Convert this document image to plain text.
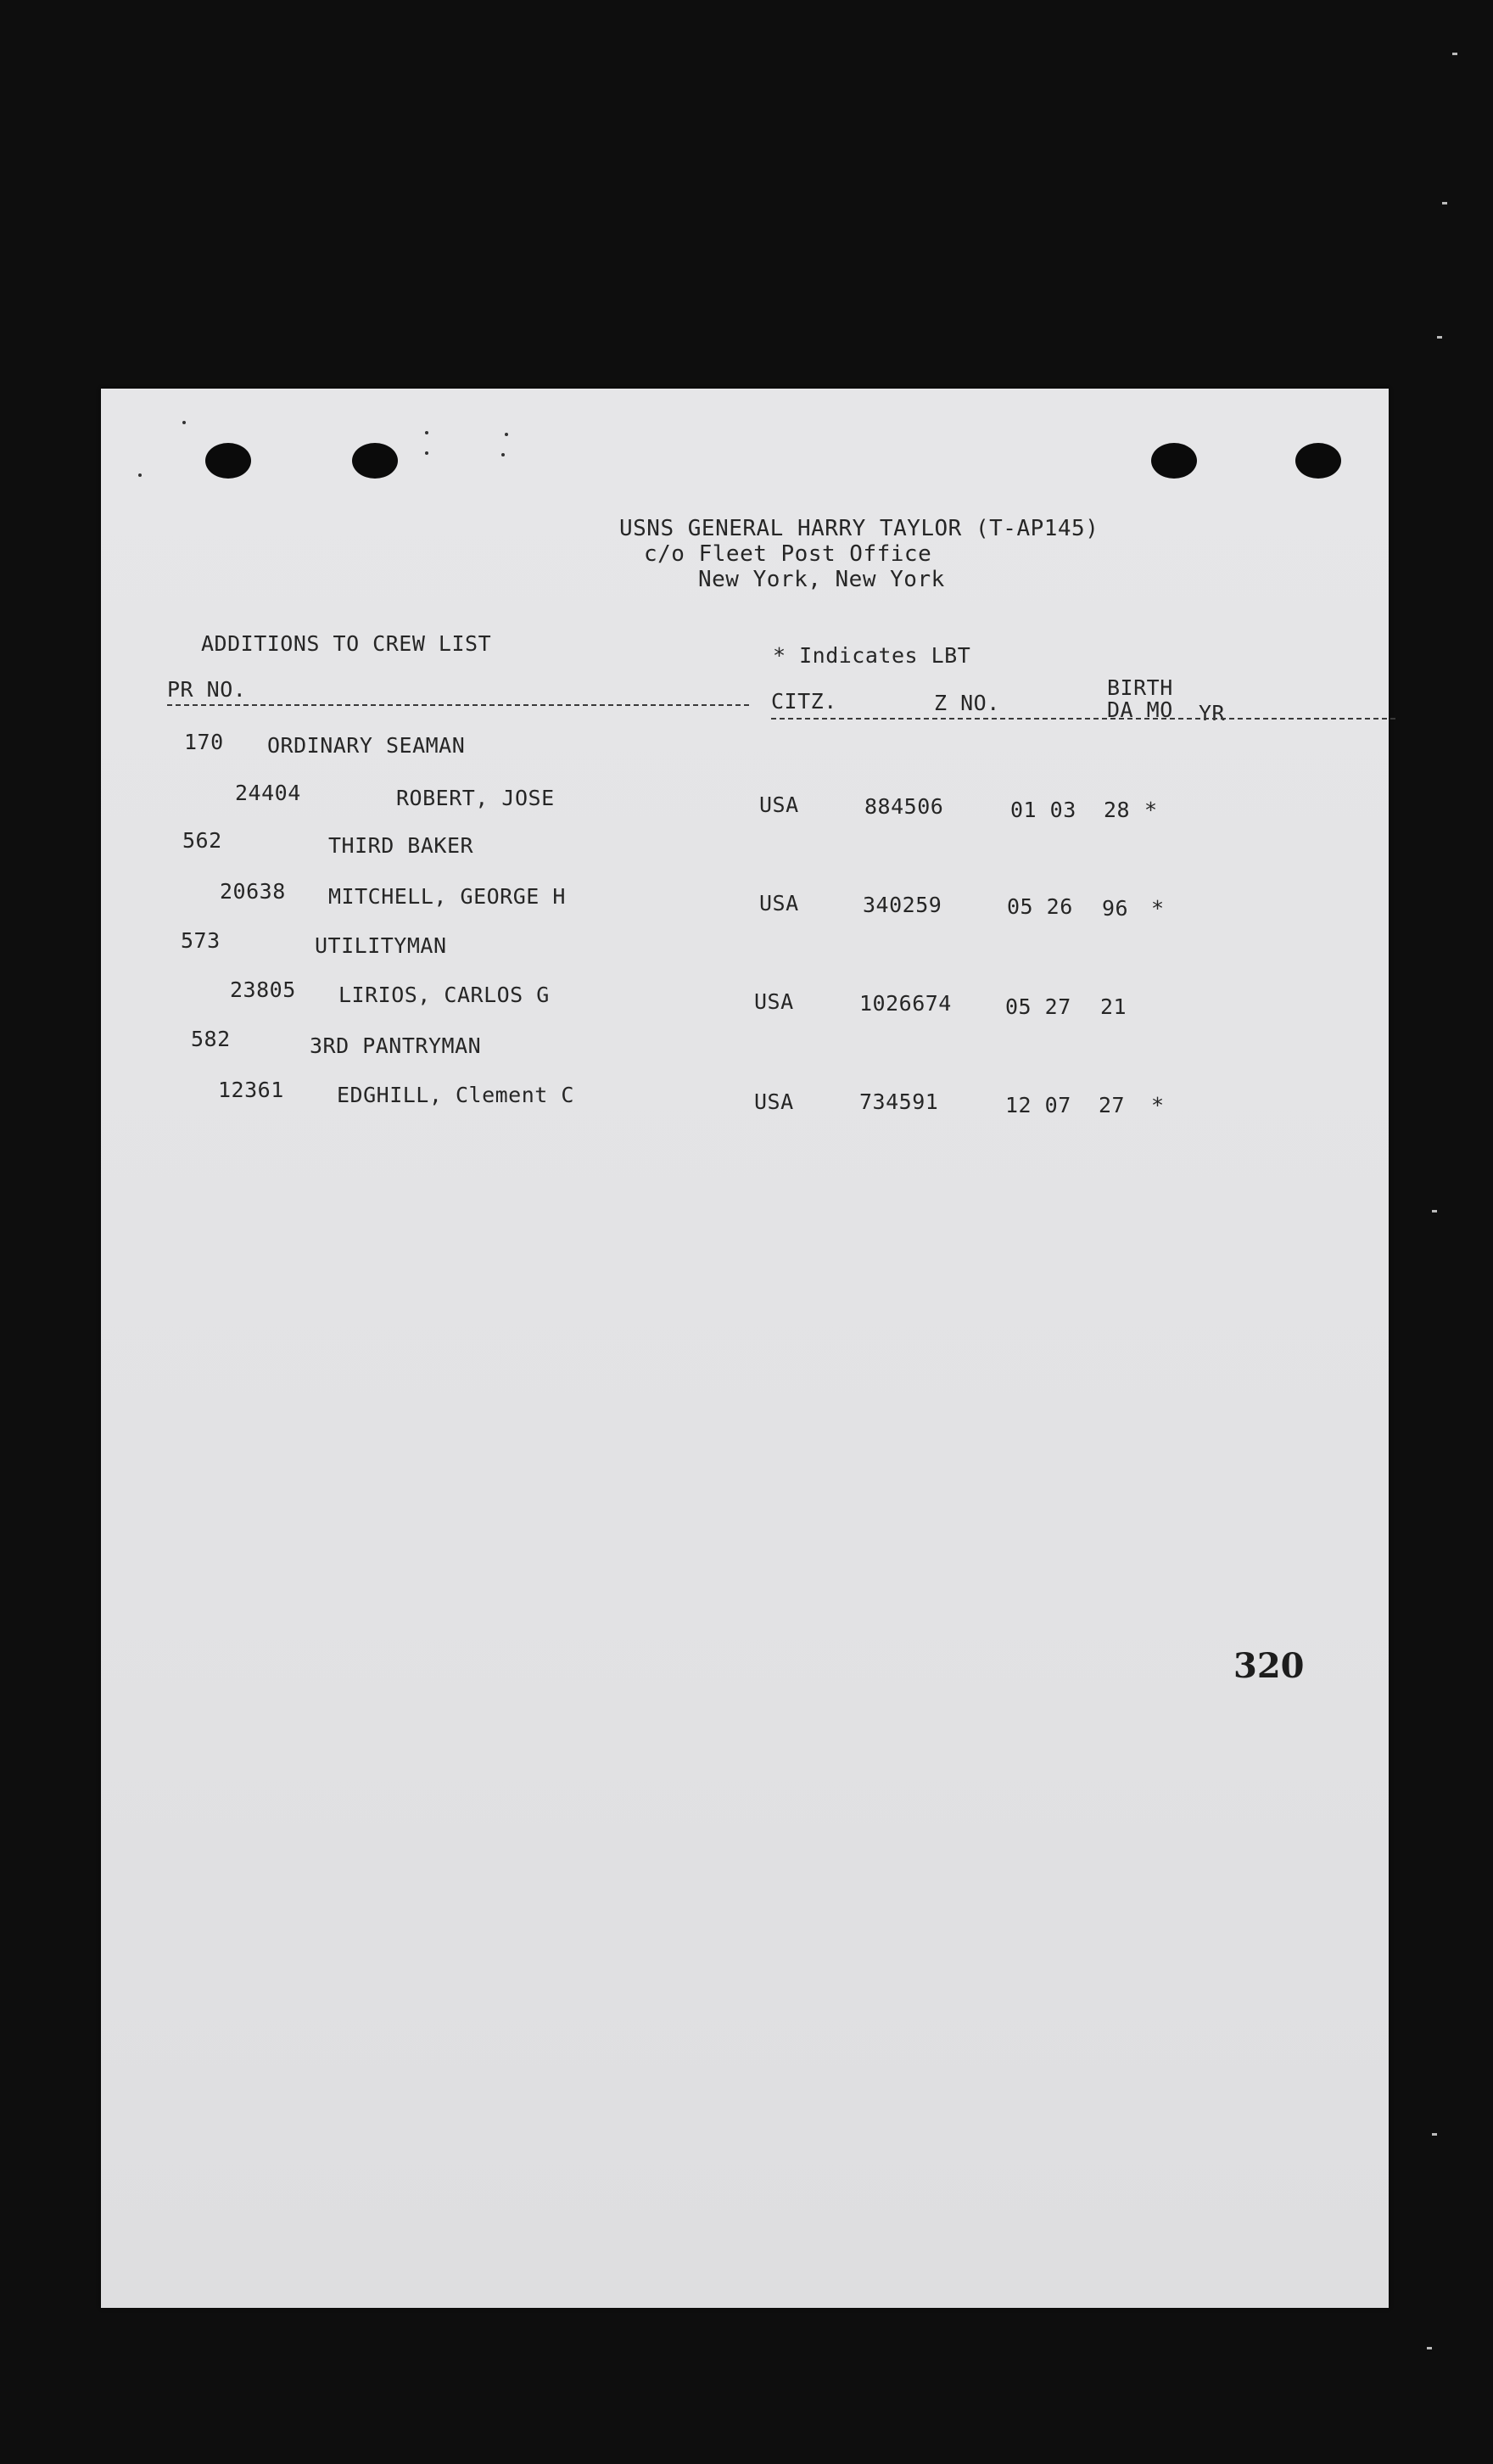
USNS GENERAL HARRY TAYLOR (T-AP145)
c/o Fleet Post Office
New York, New York
ADDITIONS TO CREW LIST	* Indicates LBT
PR NO.	CITZ.	Z NO.
BIRTH
DA MO YR
170 ORDINARY SEAMAN
24404	ROBERT, JOSE	USA	884506	01 03 28 *
562	THIRD BAKER
20638 MITCHELL, GEORGE H	USA	340259	05 26 96 *
573	UTILITYMAN
23805 LIRIOS, CARLOS G	USA	1026674	05 27 21
582	3RD PANTRYMAN
12361 EDGHILL, Clement C	USA	734591	12 07 27 *
320
